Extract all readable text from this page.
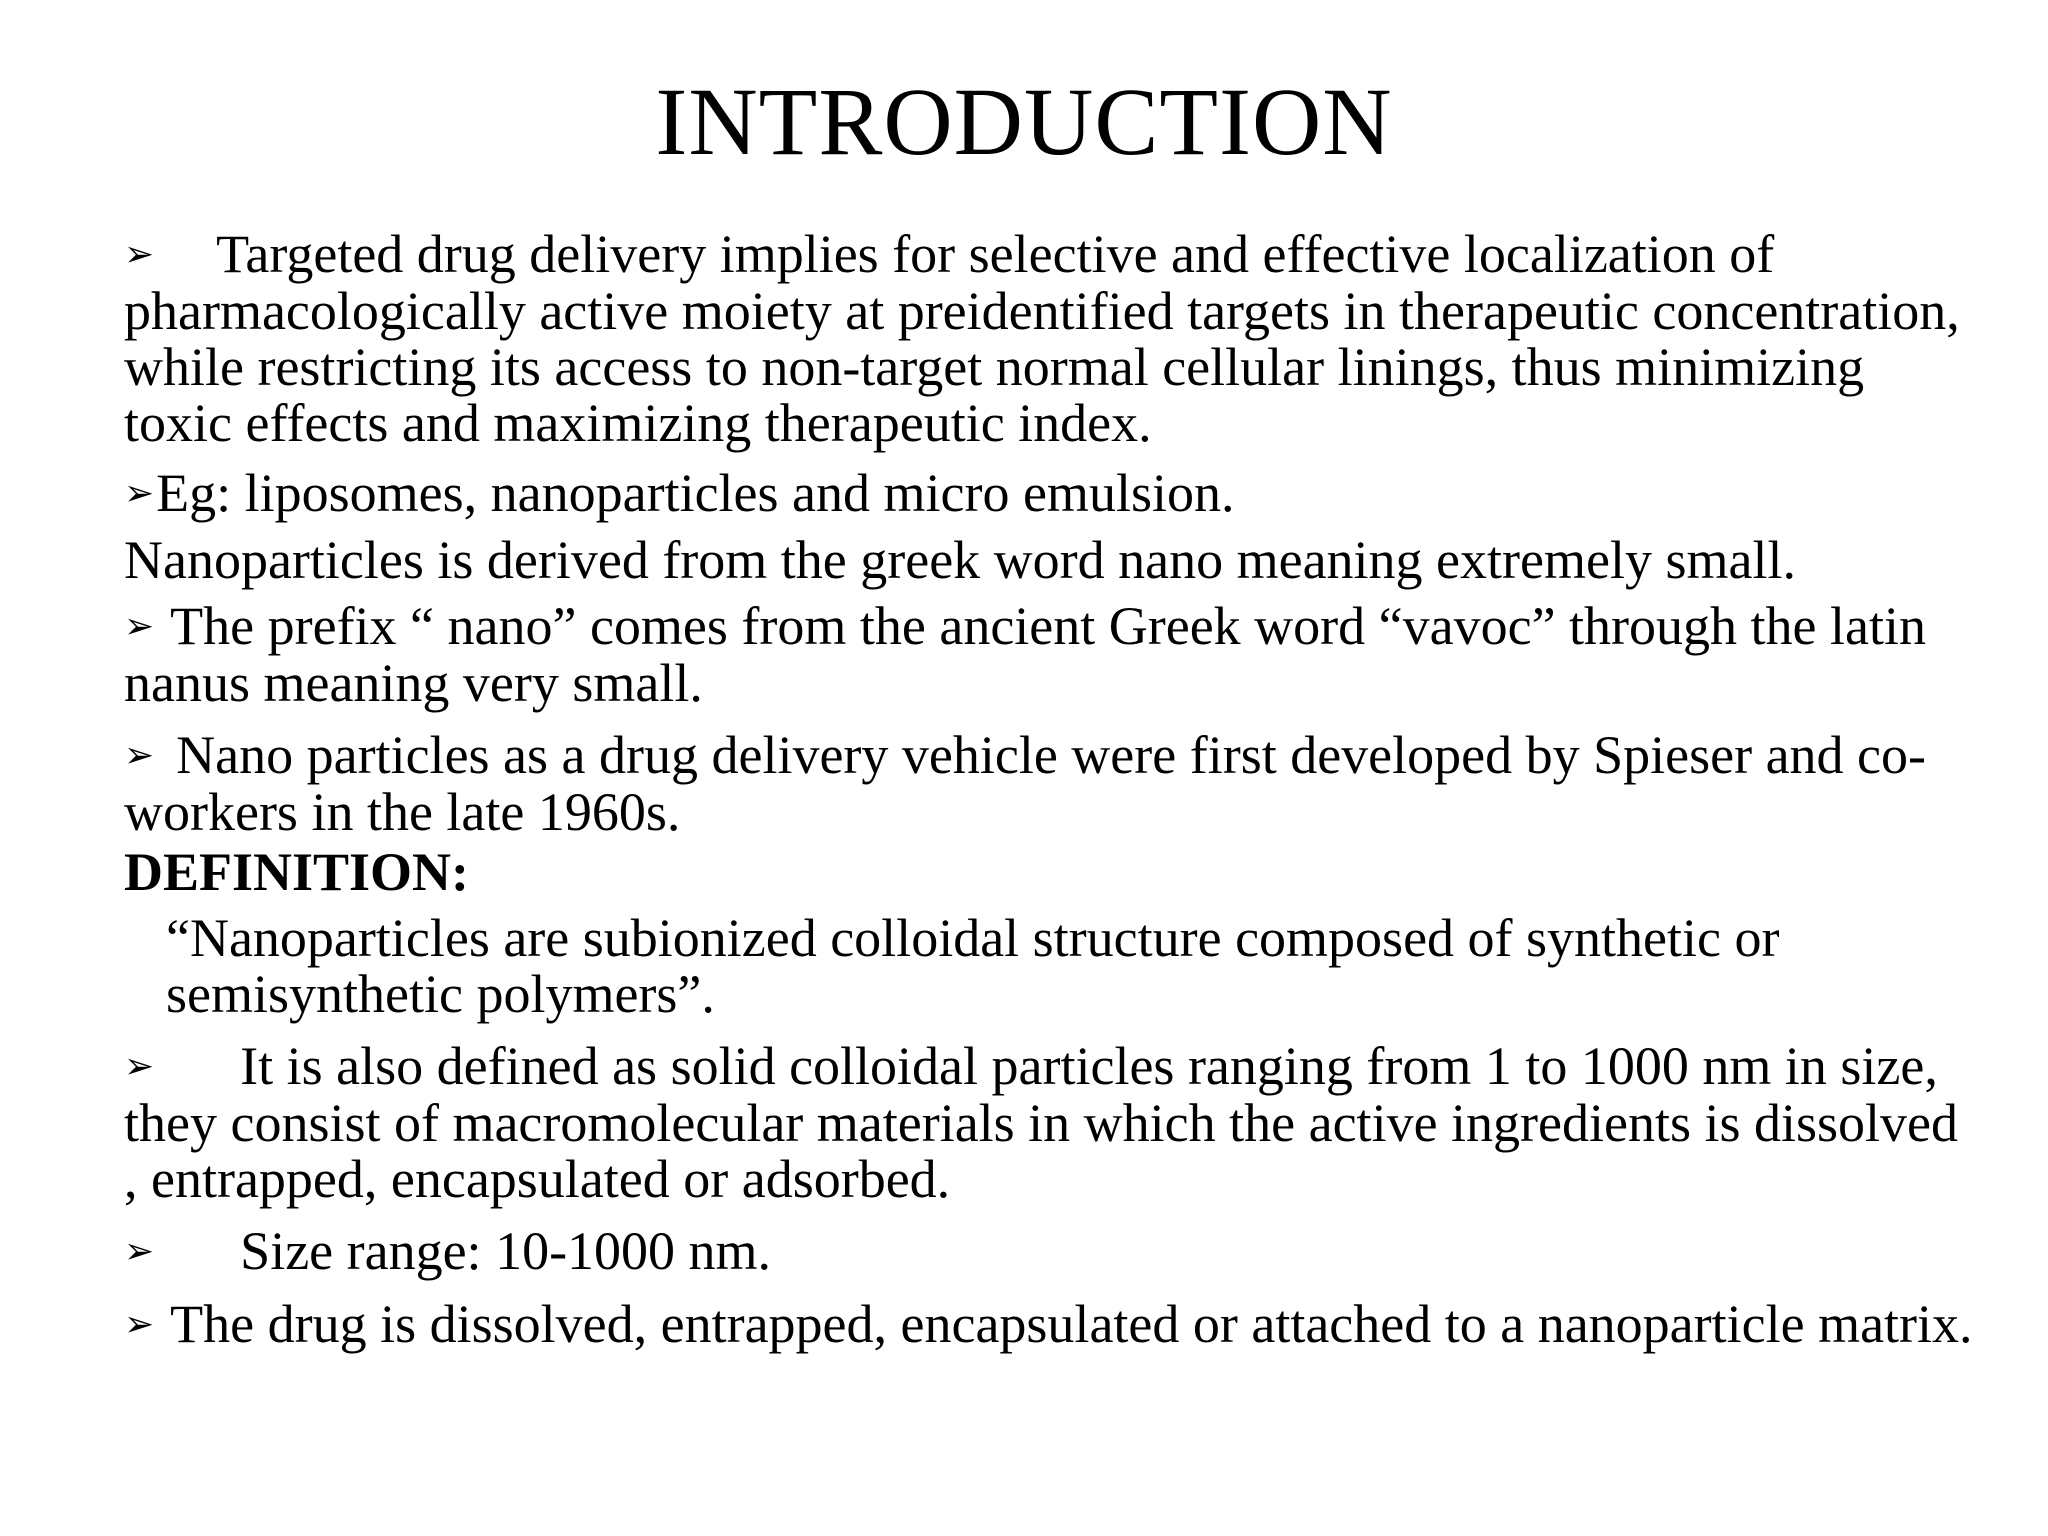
INTRODUCTION

➢ Targeted drug delivery implies for selective and effective localization of pharmacologically active moiety at preidentified targets in therapeutic concentration, while restricting its access to non-target normal cellular linings, thus minimizing toxic effects and maximizing therapeutic index.

➢Eg: liposomes, nanoparticles and micro emulsion.

Nanoparticles is derived from the greek word nano meaning extremely small.

➢ The prefix “ nano” comes from the ancient Greek word “vavoc” through the latin nanus meaning very small.

➢ Nano particles as a drug delivery vehicle were first developed by Spieser and co-workers in the late 1960s.

DEFINITION:

“Nanoparticles are subionized colloidal structure composed of synthetic or semisynthetic polymers”.

➢ It is also defined as solid colloidal particles ranging from 1 to 1000 nm in size, they consist of macromolecular materials in which the active ingredients is dissolved , entrapped, encapsulated or adsorbed.

➢ Size range: 10-1000 nm.

➢ The drug is dissolved, entrapped, encapsulated or attached to a nanoparticle matrix.
